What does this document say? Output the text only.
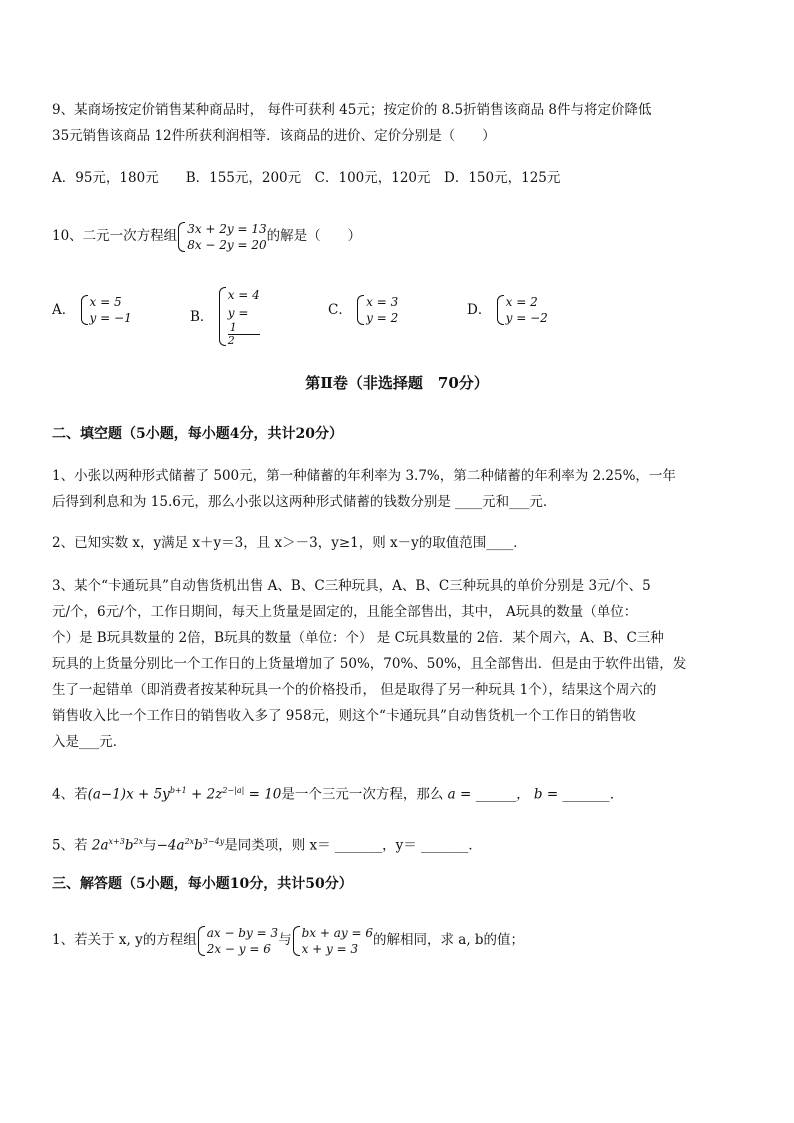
9、某商场按定价销售某种商品时， 每件可获利 45元；按定价的 8.5折销售该商品 8件与将定价降低
35元销售该商品 12件所获利润相等．该商品的进价、定价分别是（　　）
A．95元，180元　　B．155元，200元　C．100元，120元　D．150元，125元
10、二元一次方程组 3x + 2y = 13
8x − 2y = 20
的解是（　　）
A． x = 5
y = −1	B．
x = 4
y =
1
2
C． x = 3
y = 2	D． x = 2
y = −2
第Ⅱ卷（非选择题　70分）
二、填空题（5小题，每小题4分，共计20分）
1、小张以两种形式储蓄了 500元，第一种储蓄的年利率为 3.7%，第二种储蓄的年利率为 2.25%，一年
后得到利息和为 15.6元，那么小张以这两种形式储蓄的钱数分别是 ____元和___元．
2、已知实数 x，y满足 x＋y＝3，且 x＞－3，y≥1，则 x－y的取值范围____．
3、某个“卡通玩具”自动售货机出售 A、B、C三种玩具，A、B、C三种玩具的单价分别是 3元/个、5
元/个，6元/个，工作日期间，每天上货量是固定的，且能全部售出，其中， A玩具的数量（单位：
个）是 B玩具数量的 2倍，B玩具的数量（单位：个） 是 C玩具数量的 2倍．某个周六，A、B、C三种
玩具的上货量分别比一个工作日的上货量增加了 50%，70%、50%，且全部售出．但是由于软件出错，发
生了一起错单（即消费者按某种玩具一个的价格投币， 但是取得了另一种玩具 1个），结果这个周六的
销售收入比一个工作日的销售收入多了 958元，则这个“卡通玩具”自动售货机一个工作日的销售收
入是___元．
4、若$(a-1)x + 5y^{b+1} + 2z^{2-|a|} = 10$是一个三元一次方程，那么 a = ______， b = _______．
5、若 $2a^{x+3}b^{2x}$与$-4a^{2x}b^{3-4y}$是同类项，则 x＝ _______，y＝ _______．
三、解答题（5小题，每小题10分，共计50分）
1、若关于 x, y的方程组 ax − by = 3
2x − y = 6
与 bx + ay = 6
x + y = 3
的解相同，求 a, b的值；
